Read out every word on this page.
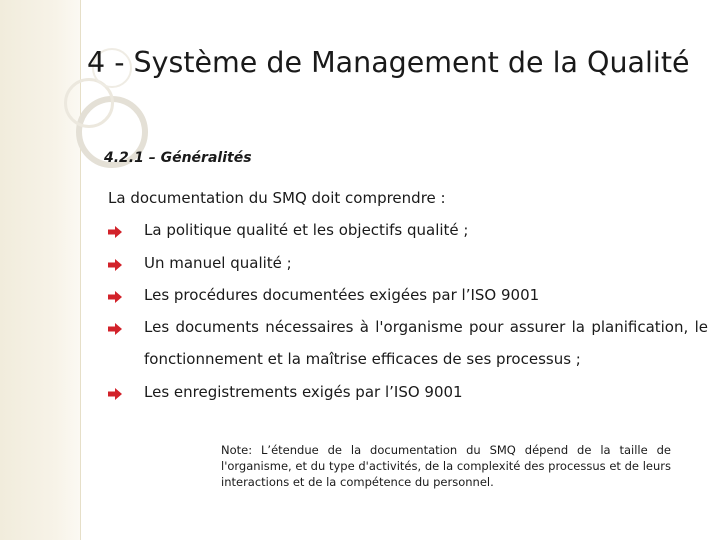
4 - Système de Management de la Qualité
4.2.1 – Généralités
La documentation du SMQ doit comprendre :
La politique qualité et les objectifs qualité ;
Un manuel qualité ;
Les procédures documentées exigées par l’ISO 9001
Les documents nécessaires à l'organisme pour assurer la planification, le
fonctionnement et la maîtrise efficaces de ses processus ;
Les enregistrements exigés par l’ISO 9001
Note: L’étendue de la documentation du SMQ dépend de la taille de l'organisme, et du type d'activités, de la complexité des processus et de leurs interactions et de la compétence du personnel.
